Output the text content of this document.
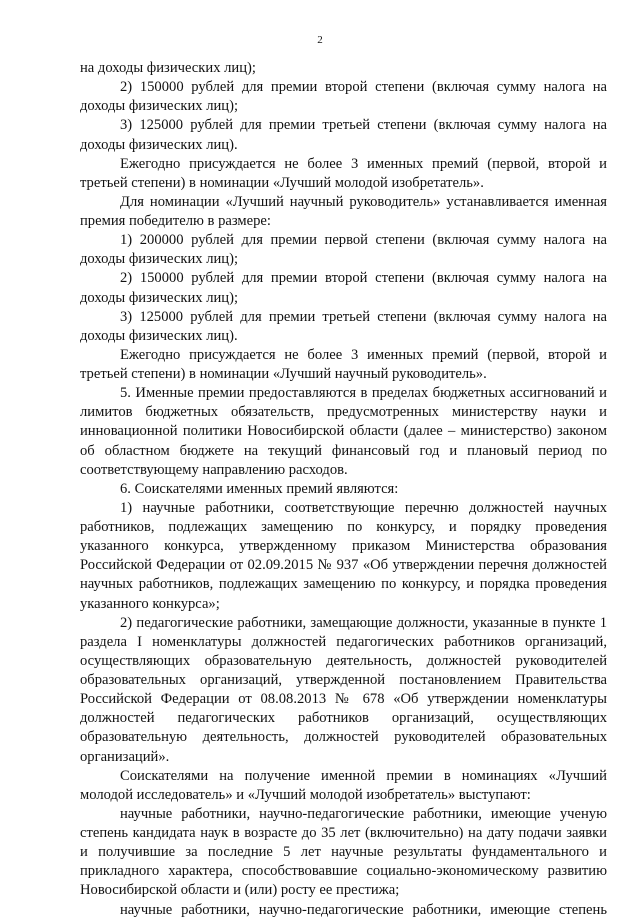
2

на доходы физических лиц);

2) 150000 рублей для премии второй степени (включая сумму налога на доходы физических лиц);

3) 125000 рублей для премии третьей степени (включая сумму налога на доходы физических лиц).

Ежегодно присуждается не более 3 именных премий (первой, второй и третьей степени) в номинации «Лучший молодой изобретатель».

Для номинации «Лучший научный руководитель» устанавливается именная премия победителю в размере:

1) 200000 рублей для премии первой степени (включая сумму налога на доходы физических лиц);

2) 150000 рублей для премии второй степени (включая сумму налога на доходы физических лиц);

3) 125000 рублей для премии третьей степени (включая сумму налога на доходы физических лиц).

Ежегодно присуждается не более 3 именных премий (первой, второй и третьей степени) в номинации «Лучший научный руководитель».

5. Именные премии предоставляются в пределах бюджетных ассигнований и лимитов бюджетных обязательств, предусмотренных министерству науки и инновационной политики Новосибирской области (далее – министерство) законом об областном бюджете на текущий финансовый год и плановый период по соответствующему направлению расходов.

6. Соискателями именных премий являются:

1) научные работники, соответствующие перечню должностей научных работников, подлежащих замещению по конкурсу, и порядку проведения указанного конкурса, утвержденному приказом Министерства образования Российской Федерации от 02.09.2015 № 937 «Об утверждении перечня должностей научных работников, подлежащих замещению по конкурсу, и порядка проведения указанного конкурса»;

2) педагогические работники, замещающие должности, указанные в пункте 1 раздела I номенклатуры должностей педагогических работников организаций, осуществляющих образовательную деятельность, должностей руководителей образовательных организаций, утвержденной постановлением Правительства Российской Федерации от 08.08.2013 № 678 «Об утверждении номенклатуры должностей педагогических работников организаций, осуществляющих образовательную деятельность, должностей руководителей образовательных организаций».

Соискателями на получение именной премии в номинациях «Лучший молодой исследователь» и «Лучший молодой изобретатель» выступают:

научные работники, научно-педагогические работники, имеющие ученую степень кандидата наук в возрасте до 35 лет (включительно) на дату подачи заявки и получившие за последние 5 лет научные результаты фундаментального и прикладного характера, способствовавшие социально-экономическому развитию Новосибирской области и (или) росту ее престижа;

научные работники, научно-педагогические работники, имеющие степень
